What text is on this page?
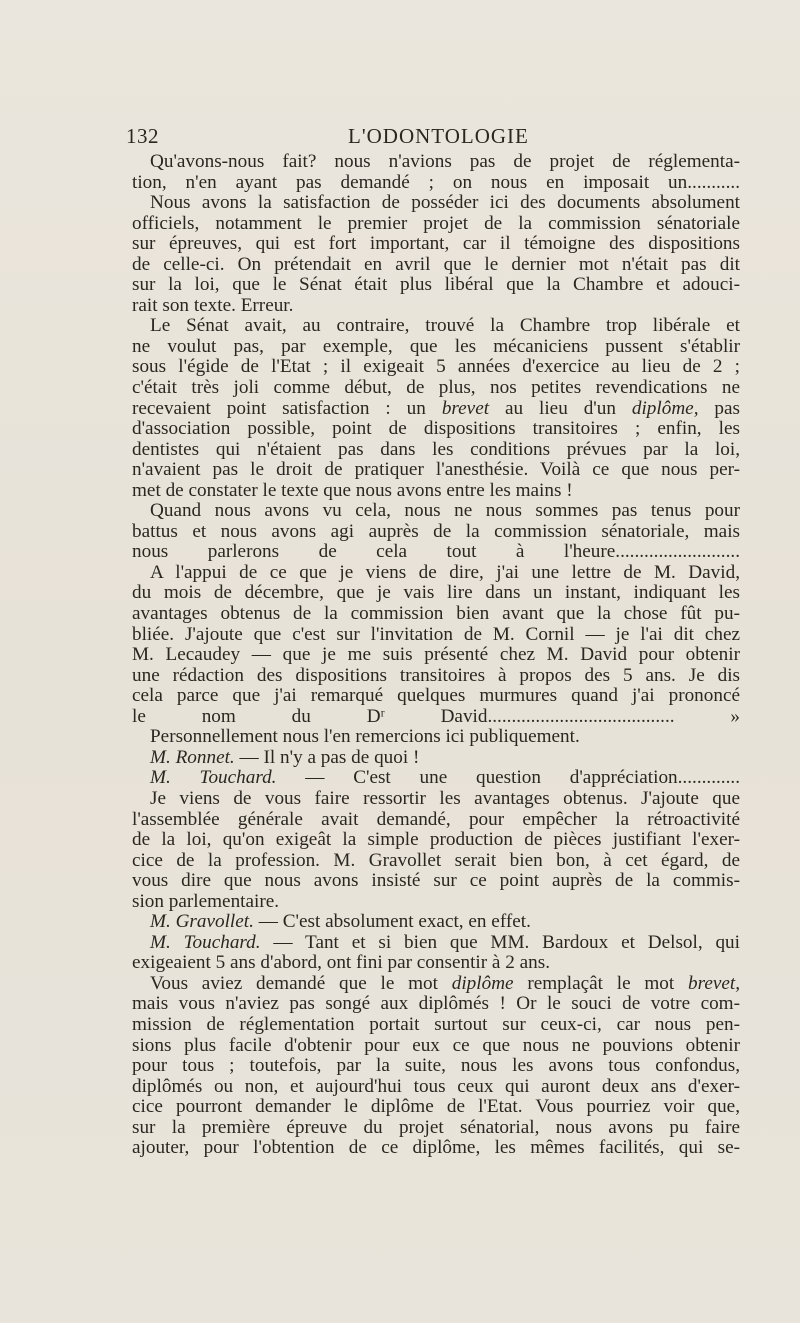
132	L'ODONTOLOGIE
Qu'avons-nous fait? nous n'avions pas de projet de réglementa-
tion, n'en ayant pas demandé ; on nous en imposait un...........
Nous avons la satisfaction de posséder ici des documents absolument
officiels, notamment le premier projet de la commission sénatoriale
sur épreuves, qui est fort important, car il témoigne des dispositions
de celle-ci. On prétendait en avril que le dernier mot n'était pas dit
sur la loi, que le Sénat était plus libéral que la Chambre et adouci-
rait son texte. Erreur.
Le Sénat avait, au contraire, trouvé la Chambre trop libérale et
ne voulut pas, par exemple, que les mécaniciens pussent s'établir
sous l'égide de l'Etat ; il exigeait 5 années d'exercice au lieu de 2 ;
c'était très joli comme début, de plus, nos petites revendications ne
recevaient point satisfaction : un brevet au lieu d'un diplôme, pas
d'association possible, point de dispositions transitoires ; enfin, les
dentistes qui n'étaient pas dans les conditions prévues par la loi,
n'avaient pas le droit de pratiquer l'anesthésie. Voilà ce que nous per-
met de constater le texte que nous avons entre les mains !
Quand nous avons vu cela, nous ne nous sommes pas tenus pour
battus et nous avons agi auprès de la commission sénatoriale, mais
nous parlerons de cela tout à l'heure..........................
A l'appui de ce que je viens de dire, j'ai une lettre de M. David,
du mois de décembre, que je vais lire dans un instant, indiquant les
avantages obtenus de la commission bien avant que la chose fût pu-
bliée. J'ajoute que c'est sur l'invitation de M. Cornil — je l'ai dit chez
M. Lecaudey — que je me suis présenté chez M. David pour obtenir
une rédaction des dispositions transitoires à propos des 5 ans. Je dis
cela parce que j'ai remarqué quelques murmures quand j'ai prononcé
le nom du Dʳ David....................................... »
Personnellement nous l'en remercions ici publiquement.
M. Ronnet. — Il n'y a pas de quoi !
M. Touchard. — C'est une question d'appréciation.............
Je viens de vous faire ressortir les avantages obtenus. J'ajoute que
l'assemblée générale avait demandé, pour empêcher la rétroactivité
de la loi, qu'on exigeât la simple production de pièces justifiant l'exer-
cice de la profession. M. Gravollet serait bien bon, à cet égard, de
vous dire que nous avons insisté sur ce point auprès de la commis-
sion parlementaire.
M. Gravollet. — C'est absolument exact, en effet.
M. Touchard. — Tant et si bien que MM. Bardoux et Delsol, qui
exigeaient 5 ans d'abord, ont fini par consentir à 2 ans.
Vous aviez demandé que le mot diplôme remplaçât le mot brevet,
mais vous n'aviez pas songé aux diplômés ! Or le souci de votre com-
mission de réglementation portait surtout sur ceux-ci, car nous pen-
sions plus facile d'obtenir pour eux ce que nous ne pouvions obtenir
pour tous ; toutefois, par la suite, nous les avons tous confondus,
diplômés ou non, et aujourd'hui tous ceux qui auront deux ans d'exer-
cice pourront demander le diplôme de l'Etat. Vous pourriez voir que,
sur la première épreuve du projet sénatorial, nous avons pu faire
ajouter, pour l'obtention de ce diplôme, les mêmes facilités, qui se-
